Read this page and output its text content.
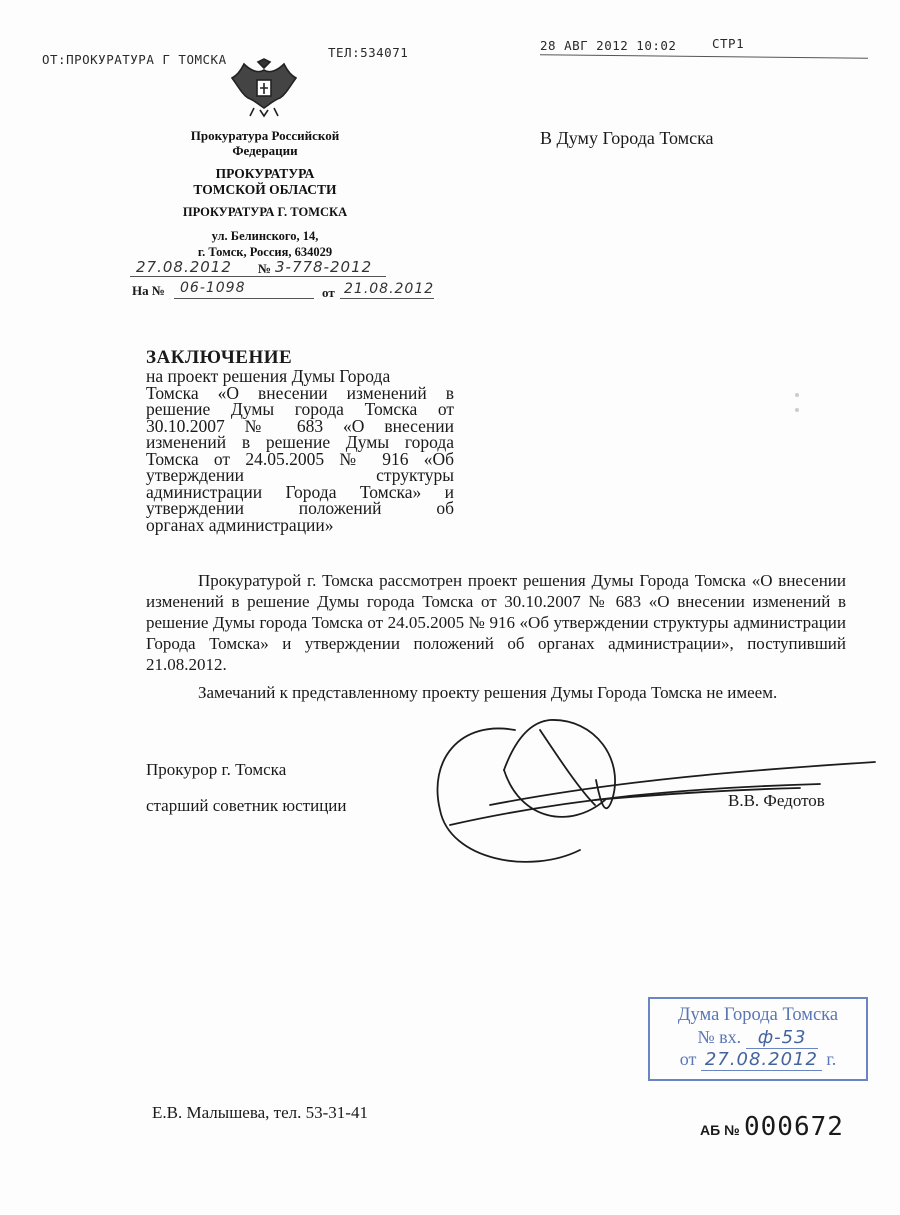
ОТ:ПРОКУРАТУРА Г ТОМСКА	ТЕЛ:534071	28 АВГ 2012 10:02	СТР1
Прокуратура Российской
Федерации
ПРОКУРАТУРА
ТОМСКОЙ ОБЛАСТИ
ПРОКУРАТУРА Г. ТОМСКА
ул. Белинского, 14,
г. Томск, Россия, 634029
27.08.2012 № 3-778-2012
На № 06-1098	от 21.08.2012
В Думу Города Томска
ЗАКЛЮЧЕНИЕ
на проект решения Думы Города
Томска «О внесении изменений в
решение Думы города Томска от
30.10.2007 № 683 «О внесении
изменений в решение Думы города
Томска от 24.05.2005 № 916 «Об
утверждении структуры
администрации Города Томска» и
утверждении положений об
органах администрации»
Прокуратурой г. Томска рассмотрен проект решения Думы Города Томска «О внесении изменений в решение Думы города Томска от 30.10.2007 № 683 «О внесении изменений в решение Думы города Томска от 24.05.2005 № 916 «Об утверждении структуры администрации Города Томска» и утверждении положений об органах администрации», поступивший 21.08.2012.
Замечаний к представленному проекту решения Думы Города Томска не имеем.
Прокурор г. Томска
старший советник юстиции	В.В. Федотов
Дума Города Томска
№ вх. ф-53
от 27.08.2012 г.
Е.В. Малышева, тел. 53-31-41
АБ № 000672
